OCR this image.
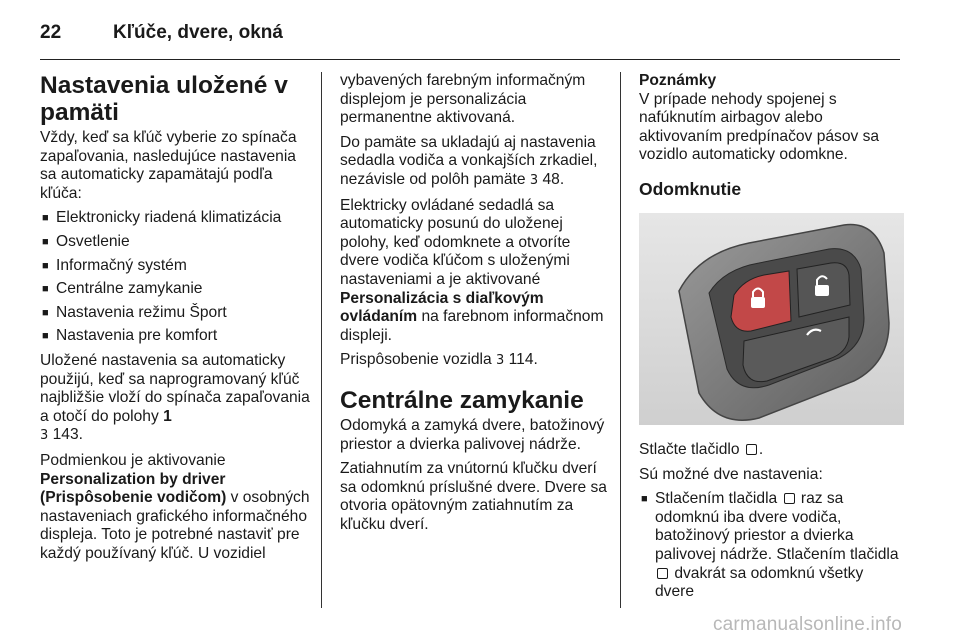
22	Kľúče, dvere, okná
Nastavenia uložené v pamäti

Vždy, keď sa kľúč vyberie zo spínača zapaľovania, nasledujúce nastavenia sa automaticky zapamätajú podľa kľúča:

■ Elektronicky riadená klimatizácia
■ Osvetlenie
■ Informačný systém
■ Centrálne zamykanie
■ Nastavenia režimu Šport
■ Nastavenia pre komfort

Uložené nastavenia sa automaticky použijú, keď sa naprogramovaný kľúč najbližšie vloží do spínača zapaľovania a otočí do polohy 1
3 143.

Podmienkou je aktivovanie
Personalization by driver (Prispôsobenie vodičom) v osobných nastaveniach grafického informačného displeja. Toto je potrebné nastaviť pre každý používaný kľúč. U vozidiel

vybavených farebným informačným displejom je personalizácia permanentne aktivovaná.

Do pamäte sa ukladajú aj nastavenia sedadla vodiča a vonkajších zrkadiel, nezávisle od polôh pamäte 3 48.

Elektricky ovládané sedadlá sa automaticky posunú do uloženej polohy, keď odomknete a otvoríte dvere vodiča kľúčom s uloženými nastaveniami a je aktivované Personalizácia s diaľkovým ovládaním na farebnom informačnom displeji.

Prispôsobenie vozidla 3 114.

Centrálne zamykanie

Odomyká a zamyká dvere, batožinový priestor a dvierka palivovej nádrže.

Zatiahnutím za vnútornú kľučku dverí sa odomknú príslušné dvere. Dvere sa otvoria opätovným zatiahnutím za kľučku dverí.

Poznámky
V prípade nehody spojenej s nafúknutím airbagov alebo aktivovaním predpínačov pásov sa vozidlo automaticky odomkne.
Odomknutie

Stlačte tlačidlo .

Sú možné dve nastavenia:

■ Stlačením tlačidla  raz sa odomknú iba dvere vodiča, batožinový priestor a dvierka palivovej nádrže. Stlačením tlačidla  dvakrát sa odomknú všetky dvere
carmanualsonline.info
